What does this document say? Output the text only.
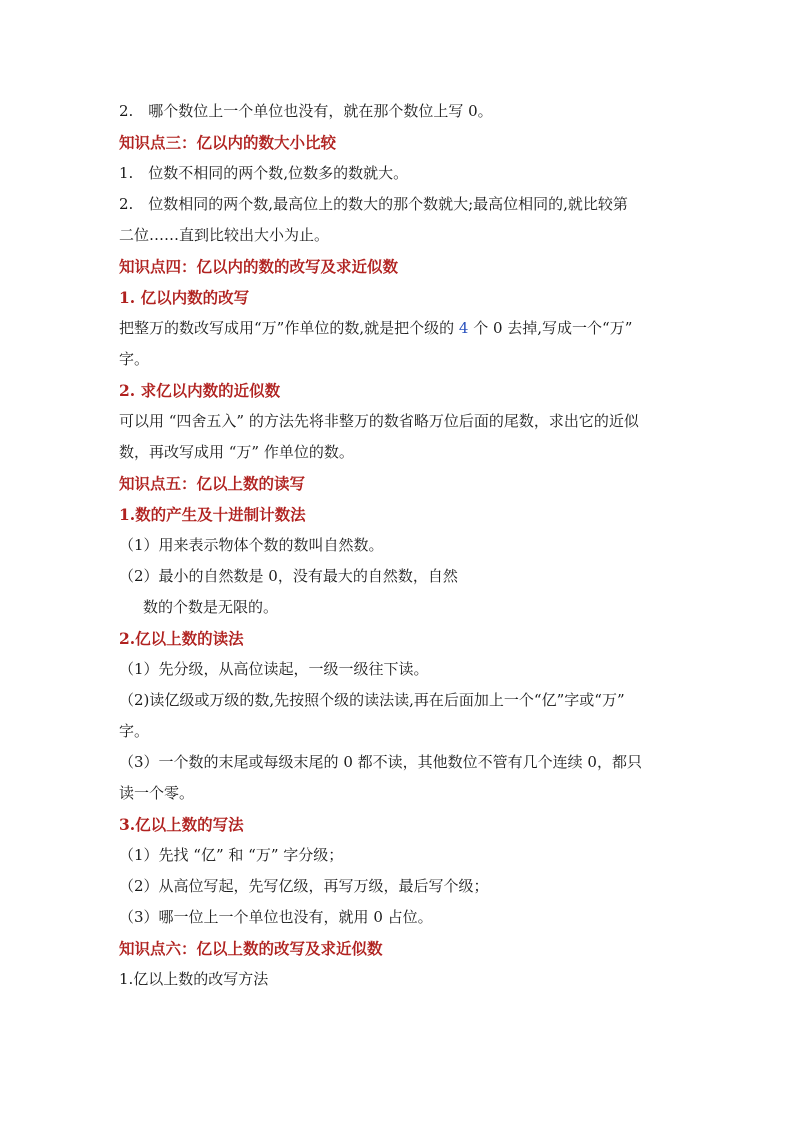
2.　哪个数位上一个单位也没有，就在那个数位上写 0。
知识点三：亿以内的数大小比较
1.　位数不相同的两个数,位数多的数就大。
2.　位数相同的两个数,最高位上的数大的那个数就大;最高位相同的,就比较第
二位……直到比较出大小为止。
知识点四：亿以内的数的改写及求近似数
1. 亿以内数的改写
把整万的数改写成用“万”作单位的数,就是把个级的 4 个 0 去掉,写成一个“万”
字。
2. 求亿以内数的近似数
可以用 “四舍五入” 的方法先将非整万的数省略万位后面的尾数，求出它的近似
数，再改写成用 “万” 作单位的数。
知识点五：亿以上数的读写
1.数的产生及十进制计数法
（1）用来表示物体个数的数叫自然数。
（2）最小的自然数是 0，没有最大的自然数，自然
数的个数是无限的。
2.亿以上数的读法
（1）先分级，从高位读起，一级一级往下读。
（2)读亿级或万级的数,先按照个级的读法读,再在后面加上一个“亿”字或“万”
字。
（3）一个数的末尾或每级末尾的 0 都不读，其他数位不管有几个连续 0，都只
读一个零。
3.亿以上数的写法
（1）先找 “亿” 和 “万” 字分级；
（2）从高位写起，先写亿级，再写万级，最后写个级；
（3）哪一位上一个单位也没有，就用 0 占位。
知识点六：亿以上数的改写及求近似数
1.亿以上数的改写方法
